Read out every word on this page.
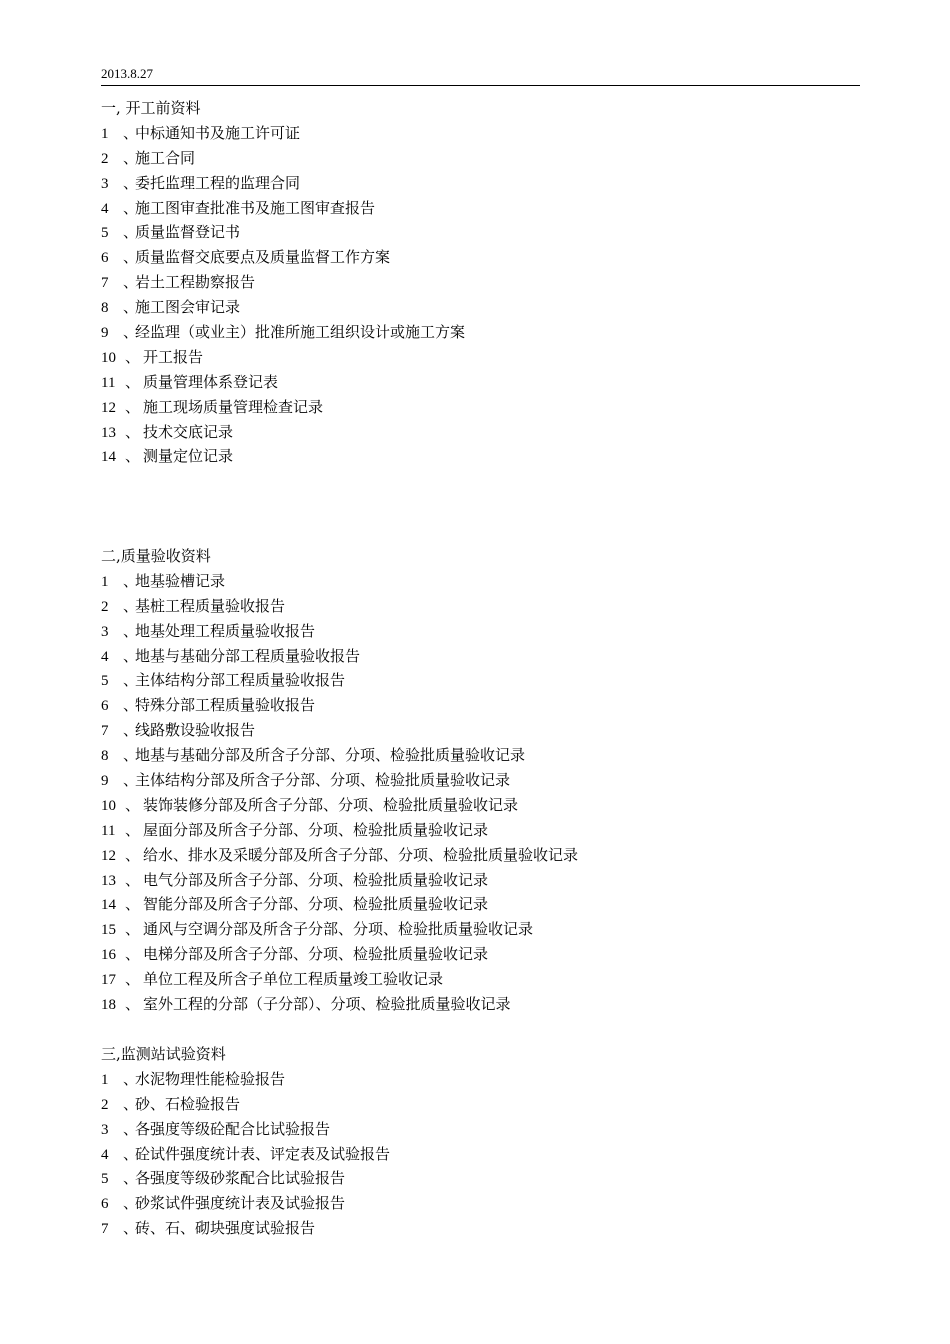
2013.8.27
一, 开工前资料
1 、中标通知书及施工许可证
2 、施工合同
3 、委托监理工程的监理合同
4 、施工图审查批准书及施工图审查报告
5 、质量监督登记书
6 、质量监督交底要点及质量监督工作方案
7 、岩土工程勘察报告
8 、施工图会审记录
9 、经监理（或业主）批准所施工组织设计或施工方案
10 、 开工报告
11 、 质量管理体系登记表
12 、 施工现场质量管理检查记录
13 、 技术交底记录
14 、 测量定位记录
二,质量验收资料
1 、地基验槽记录
2 、基桩工程质量验收报告
3 、地基处理工程质量验收报告
4 、地基与基础分部工程质量验收报告
5 、主体结构分部工程质量验收报告
6 、特殊分部工程质量验收报告
7 、线路敷设验收报告
8 、地基与基础分部及所含子分部、分项、检验批质量验收记录
9 、主体结构分部及所含子分部、分项、检验批质量验收记录
10 、 装饰装修分部及所含子分部、分项、检验批质量验收记录
11 、 屋面分部及所含子分部、分项、检验批质量验收记录
12 、 给水、排水及采暖分部及所含子分部、分项、检验批质量验收记录
13 、 电气分部及所含子分部、分项、检验批质量验收记录
14 、 智能分部及所含子分部、分项、检验批质量验收记录
15 、 通风与空调分部及所含子分部、分项、检验批质量验收记录
16 、 电梯分部及所含子分部、分项、检验批质量验收记录
17 、 单位工程及所含子单位工程质量竣工验收记录
18 、 室外工程的分部（子分部）、分项、检验批质量验收记录
三,监测站试验资料
1 、水泥物理性能检验报告
2 、砂、石检验报告
3 、各强度等级砼配合比试验报告
4 、砼试件强度统计表、评定表及试验报告
5 、各强度等级砂浆配合比试验报告
6 、砂浆试件强度统计表及试验报告
7 、砖、石、砌块强度试验报告
